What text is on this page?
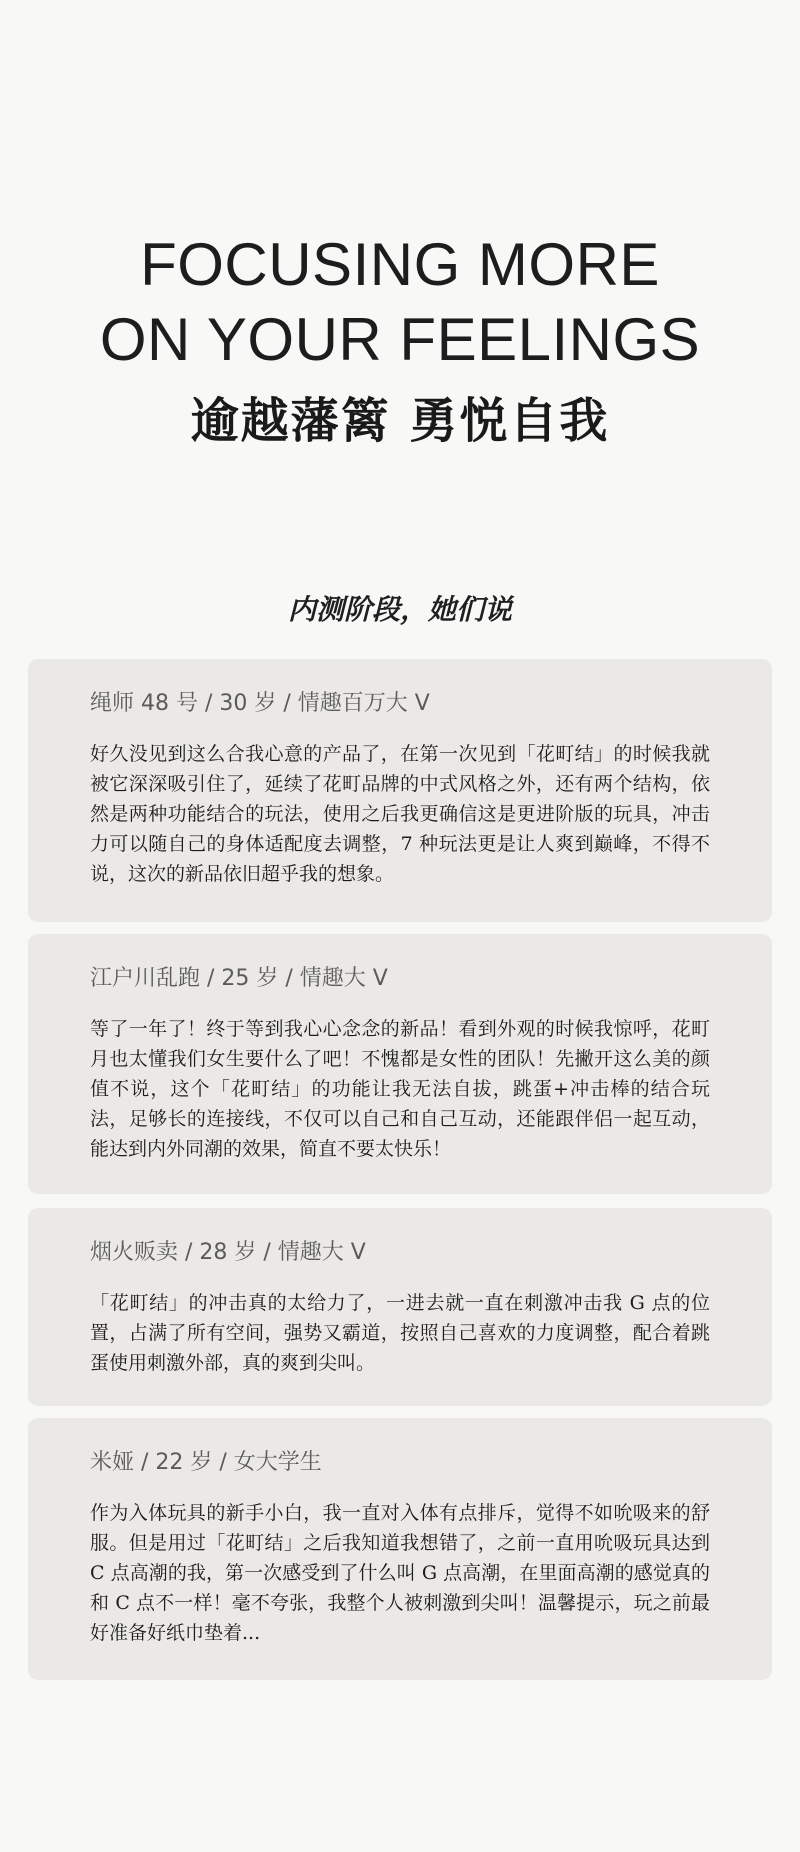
FOCUSING MORE
ON YOUR FEELINGS
逾越藩篱 勇悦自我
内测阶段，她们说
绳师 48 号 / 30 岁 / 情趣百万大 V

好久没见到这么合我心意的产品了，在第一次见到「花町结」的时候我就被它深深吸引住了，延续了花町品牌的中式风格之外，还有两个结构，依然是两种功能结合的玩法，使用之后我更确信这是更进阶版的玩具，冲击力可以随自己的身体适配度去调整，7 种玩法更是让人爽到巅峰，不得不说，这次的新品依旧超乎我的想象。

江户川乱跑 / 25 岁 / 情趣大 V

等了一年了！终于等到我心心念念的新品！看到外观的时候我惊呼，花町月也太懂我们女生要什么了吧！不愧都是女性的团队！先撇开这么美的颜值不说，这个「花町结」的功能让我无法自拔，跳蛋+冲击棒的结合玩法，足够长的连接线，不仅可以自己和自己互动，还能跟伴侣一起互动，能达到内外同潮的效果，简直不要太快乐！

烟火贩卖 / 28 岁 / 情趣大 V

「花町结」的冲击真的太给力了，一进去就一直在刺激冲击我 G 点的位置，占满了所有空间，强势又霸道，按照自己喜欢的力度调整，配合着跳蛋使用刺激外部，真的爽到尖叫。

米娅 / 22 岁 / 女大学生

作为入体玩具的新手小白，我一直对入体有点排斥，觉得不如吮吸来的舒服。但是用过「花町结」之后我知道我想错了，之前一直用吮吸玩具达到 C 点高潮的我，第一次感受到了什么叫 G 点高潮，在里面高潮的感觉真的和 C 点不一样！毫不夸张，我整个人被刺激到尖叫！温馨提示，玩之前最好准备好纸巾垫着...
